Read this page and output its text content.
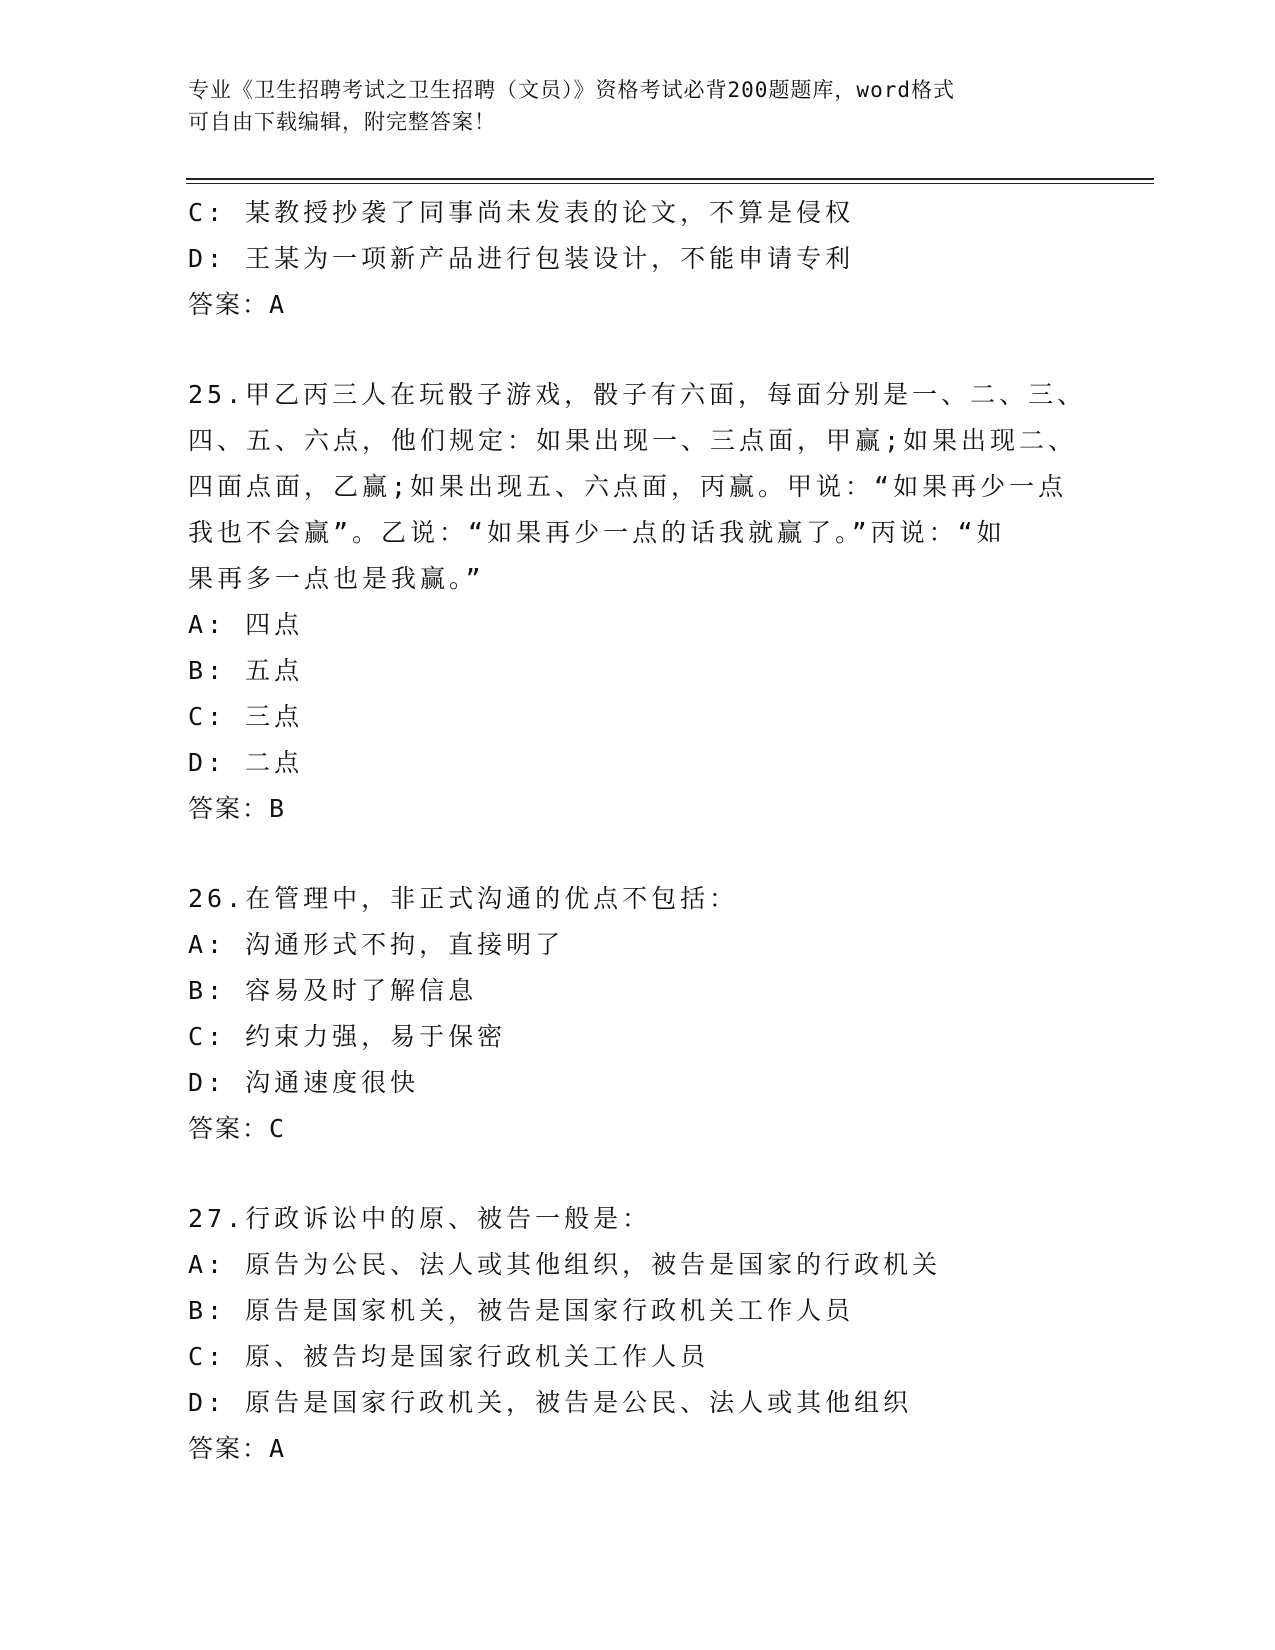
专业《卫生招聘考试之卫生招聘（文员）》资格考试必背200题题库，word格式
可自由下载编辑，附完整答案！
C: 某教授抄袭了同事尚未发表的论文，不算是侵权
D: 王某为一项新产品进行包装设计，不能申请专利
答案：A
25.甲乙丙三人在玩骰子游戏，骰子有六面，每面分别是一、二、三、
四、五、六点，他们规定：如果出现一、三点面，甲赢;如果出现二、
四面点面，乙赢;如果出现五、六点面，丙赢。甲说：“如果再少一点
我也不会赢”。乙说：“如果再少一点的话我就赢了。”丙说：“如
果再多一点也是我赢。”
A: 四点
B: 五点
C: 三点
D: 二点
答案：B
26.在管理中，非正式沟通的优点不包括：
A: 沟通形式不拘，直接明了
B: 容易及时了解信息
C: 约束力强，易于保密
D: 沟通速度很快
答案：C
27.行政诉讼中的原、被告一般是：
A: 原告为公民、法人或其他组织，被告是国家的行政机关
B: 原告是国家机关，被告是国家行政机关工作人员
C: 原、被告均是国家行政机关工作人员
D: 原告是国家行政机关，被告是公民、法人或其他组织
答案：A
